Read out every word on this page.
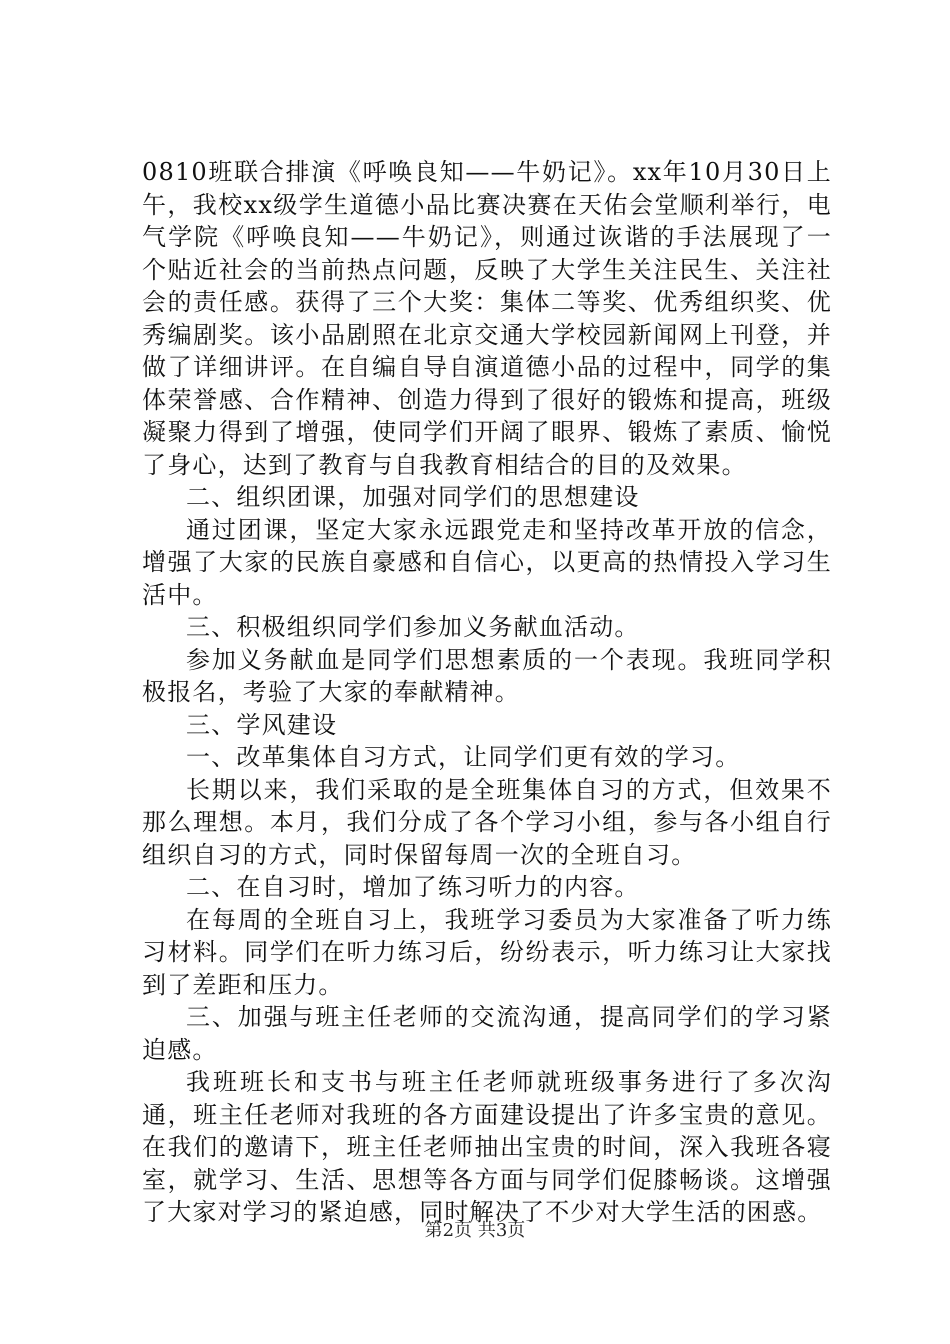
0810班联合排演《呼唤良知——牛奶记》。xx年10月30日上午，我校xx级学生道德小品比赛决赛在天佑会堂顺利举行，电气学院《呼唤良知——牛奶记》，则通过诙谐的手法展现了一个贴近社会的当前热点问题，反映了大学生关注民生、关注社会的责任感。获得了三个大奖：集体二等奖、优秀组织奖、优秀编剧奖。该小品剧照在北京交通大学校园新闻网上刊登，并做了详细讲评。在自编自导自演道德小品的过程中，同学的集体荣誉感、合作精神、创造力得到了很好的锻炼和提高，班级凝聚力得到了增强，使同学们开阔了眼界、锻炼了素质、愉悦了身心，达到了教育与自我教育相结合的目的及效果。

二、组织团课，加强对同学们的思想建设

通过团课，坚定大家永远跟党走和坚持改革开放的信念，增强了大家的民族自豪感和自信心，以更高的热情投入学习生活中。

三、积极组织同学们参加义务献血活动。

参加义务献血是同学们思想素质的一个表现。我班同学积极报名，考验了大家的奉献精神。

三、学风建设

一、改革集体自习方式，让同学们更有效的学习。

长期以来，我们采取的是全班集体自习的方式，但效果不那么理想。本月，我们分成了各个学习小组，参与各小组自行组织自习的方式，同时保留每周一次的全班自习。

二、在自习时，增加了练习听力的内容。

在每周的全班自习上，我班学习委员为大家准备了听力练习材料。同学们在听力练习后，纷纷表示，听力练习让大家找到了差距和压力。

三、加强与班主任老师的交流沟通，提高同学们的学习紧迫感。

我班班长和支书与班主任老师就班级事务进行了多次沟通，班主任老师对我班的各方面建设提出了许多宝贵的意见。在我们的邀请下，班主任老师抽出宝贵的时间，深入我班各寝室，就学习、生活、思想等各方面与同学们促膝畅谈。这增强了大家对学习的紧迫感，同时解决了不少对大学生活的困惑。

第2页 共3页
